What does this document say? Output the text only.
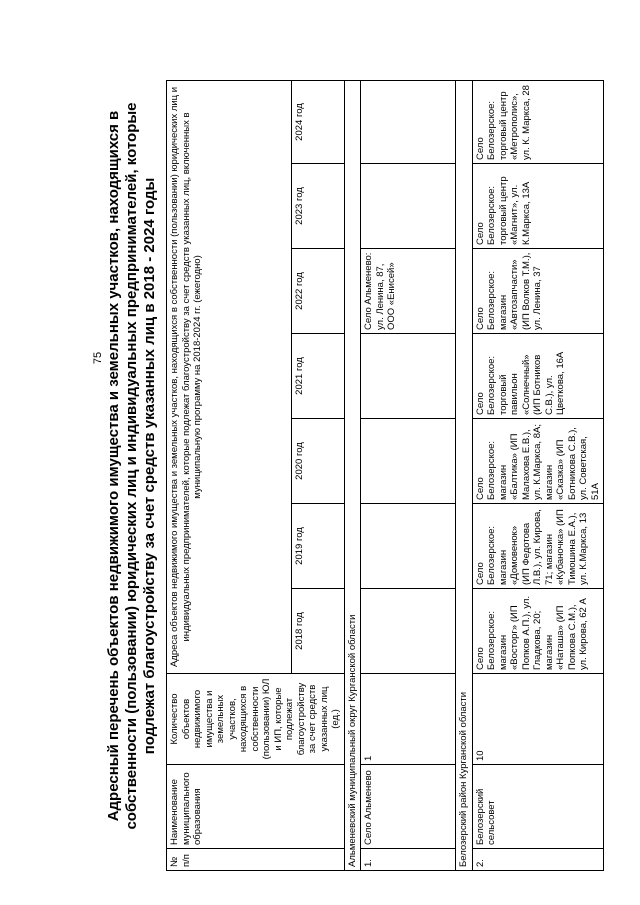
75 Адресный перечень объектов недвижимого имущества и земельных участков, находящихся в собственности (пользовании) юридических лиц и индивидуальных предпринимателей, которые подлежат благоустройству за счет средств указанных лиц в 2018 - 2024 годы
№ п/п	Наименование муниципального образования	Количество объектов недвижимого имущества и земельных участков, находящихся в собственности (пользовании) ЮЛ и ИП, которые подлежат благоустройству за счет средств указанных лиц (ед.)	Адреса объектов недвижимого имущества и земельных участков, находящихся в собственности (пользовании) юридических лиц и индивидуальных предпринимателей, которые подлежат благоустройству за счет средств указанных лиц, включенных в муниципальную программу на 2018-2024 гг. (ежегодно)						
			2018 год	2019 год	2020 год	2021 год	2022 год	2023 год	2024 год
Альменевский муниципальный округ Курганской области									
1.	Село Альменево	1					Село Альменево: ул. Ленина, 87, ООО «Енисей»		
Белозерский район Курганской области									
2.	Белозерский сельсовет	10	Село Белозерское: магазин «Восторг» (ИП Попков А.П.), ул. Гладкова, 20; магазин «Наташа» (ИП Попкова С.М.), ул. Кирова, 62 А	Село Белозерское: магазин «Домовенок» (ИП Федотова Л.В.), ул. Кирова, 71; магазин «Кубаночка» (ИП Тимошина Е.А.), ул. К.Маркса, 13	Село Белозерское: магазин «Балтика» (ИП Малахова Е.В.), ул. К.Маркса, 8А; магазин «Сказка» (ИП Ботникова С.В.), ул. Советская, 51А	Село Белозерское: торговый павильон «Солнечный» (ИП Ботников С.В.), ул. Цветкова, 16А	Село Белозерское: магазин «Автозапчасти» (ИП Волков Т.М.), ул. Ленина, 37	Село Белозерское: торговый центр «Магнит», ул. К.Маркса, 13А	Село Белозерское: торговый центр «Метрополис», ул. К. Маркса, 28
